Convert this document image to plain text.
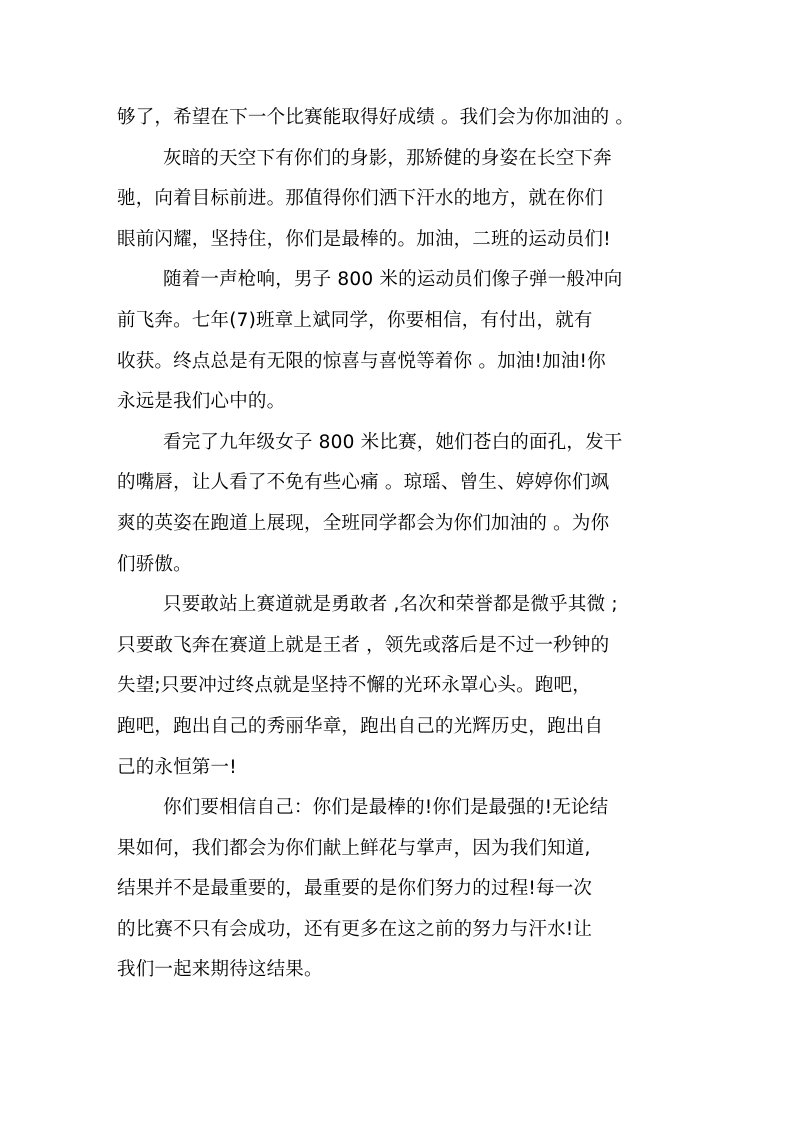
够了，希望在下一个比赛能取得好成绩 。我们会为你加油的 。
灰暗的天空下有你们的身影，那矫健的身姿在长空下奔
驰，向着目标前进。那值得你们洒下汗水的地方，就在你们
眼前闪耀，坚持住，你们是最棒的。加油，二班的运动员们!
随着一声枪响，男子 800 米的运动员们像子弹一般冲向
前飞奔。七年(7)班章上斌同学，你要相信，有付出，就有
收获。终点总是有无限的惊喜与喜悦等着你 。加油!加油!你
永远是我们心中的。
看完了九年级女子 800 米比赛，她们苍白的面孔，发干
的嘴唇，让人看了不免有些心痛 。琼瑶、曾生、婷婷你们飒
爽的英姿在跑道上展现，全班同学都会为你们加油的 。为你
们骄傲。
只要敢站上赛道就是勇敢者 ,名次和荣誉都是微乎其微 ;
只要敢飞奔在赛道上就是王者 ，领先或落后是不过一秒钟的
失望;只要冲过终点就是坚持不懈的光环永罩心头。跑吧，
跑吧，跑出自己的秀丽华章，跑出自己的光辉历史，跑出自
己的永恒第一!
你们要相信自己：你们是最棒的!你们是最强的!无论结
果如何，我们都会为你们献上鲜花与掌声，因为我们知道,
结果并不是最重要的，最重要的是你们努力的过程!每一次
的比赛不只有会成功，还有更多在这之前的努力与汗水!让
我们一起来期待这结果。
